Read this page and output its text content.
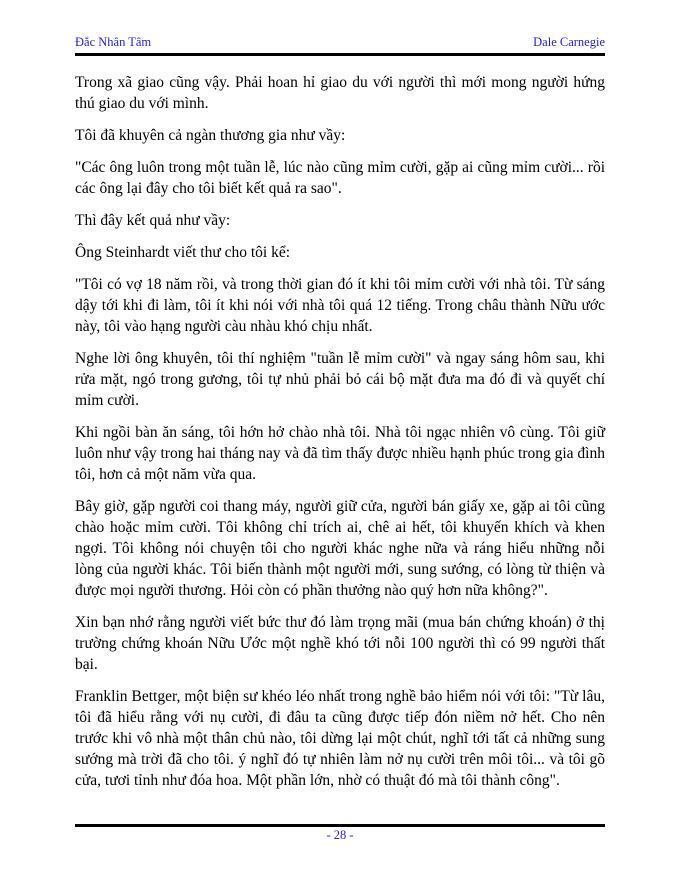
Đắc Nhân Tâm	Dale Carnegie

Trong xã giao cũng vậy. Phải hoan hỉ giao du với người thì mới mong người hứng thú giao du với mình.

Tôi đã khuyên cả ngàn thương gia như vầy:

"Các ông luôn trong một tuần lễ, lúc nào cũng mỉm cười, gặp ai cũng mỉm cười... rồi các ông lại đây cho tôi biết kết quả ra sao".

Thì đây kết quả như vầy:

Ông Steinhardt viết thư cho tôi kể:

"Tôi có vợ 18 năm rồi, và trong thời gian đó ít khi tôi mỉm cười với nhà tôi. Từ sáng dậy tới khi đi làm, tôi ít khi nói với nhà tôi quá 12 tiếng. Trong châu thành Nữu ước này, tôi vào hạng người càu nhàu khó chịu nhất.

Nghe lời ông khuyên, tôi thí nghiệm "tuần lễ mỉm cười" và ngay sáng hôm sau, khi rửa mặt, ngó trong gương, tôi tự nhủ phải bỏ cái bộ mặt đưa ma đó đi và quyết chí mỉm cười.

Khi ngồi bàn ăn sáng, tôi hớn hở chào nhà tôi. Nhà tôi ngạc nhiên vô cùng. Tôi giữ luôn như vậy trong hai tháng nay và đã tìm thấy được nhiều hạnh phúc trong gia đình tôi, hơn cả một năm vừa qua.

Bây giờ, gặp người coi thang máy, người giữ cửa, người bán giấy xe, gặp ai tôi cũng chào hoặc mỉm cười. Tôi không chỉ trích ai, chê ai hết, tôi khuyến khích và khen ngợi. Tôi không nói chuyện tôi cho người khác nghe nữa và ráng hiểu những nỗi lòng của người khác. Tôi biến thành một người mới, sung sướng, có lòng từ thiện và được mọi người thương. Hỏi còn có phần thưởng nào quý hơn nữa không?".

Xin bạn nhớ rằng người viết bức thư đó làm trọng mãi (mua bán chứng khoán) ở thị trường chứng khoán Nữu Ước một nghề khó tới nỗi 100 người thì có 99 người thất bại.

Franklin Bettger, một biện sư khéo léo nhất trong nghề bảo hiểm nói với tôi: "Từ lâu, tôi đã hiểu rằng với nụ cười, đi đâu ta cũng được tiếp đón niềm nở hết. Cho nên trước khi vô nhà một thân chủ nào, tôi dừng lại một chút, nghĩ tới tất cả những sung sướng mà trời đã cho tôi. ý nghĩ đó tự nhiên làm nở nụ cười trên môi tôi... và tôi gõ cửa, tươi tỉnh như đóa hoa. Một phần lớn, nhờ có thuật đó mà tôi thành công".

- 28 -
